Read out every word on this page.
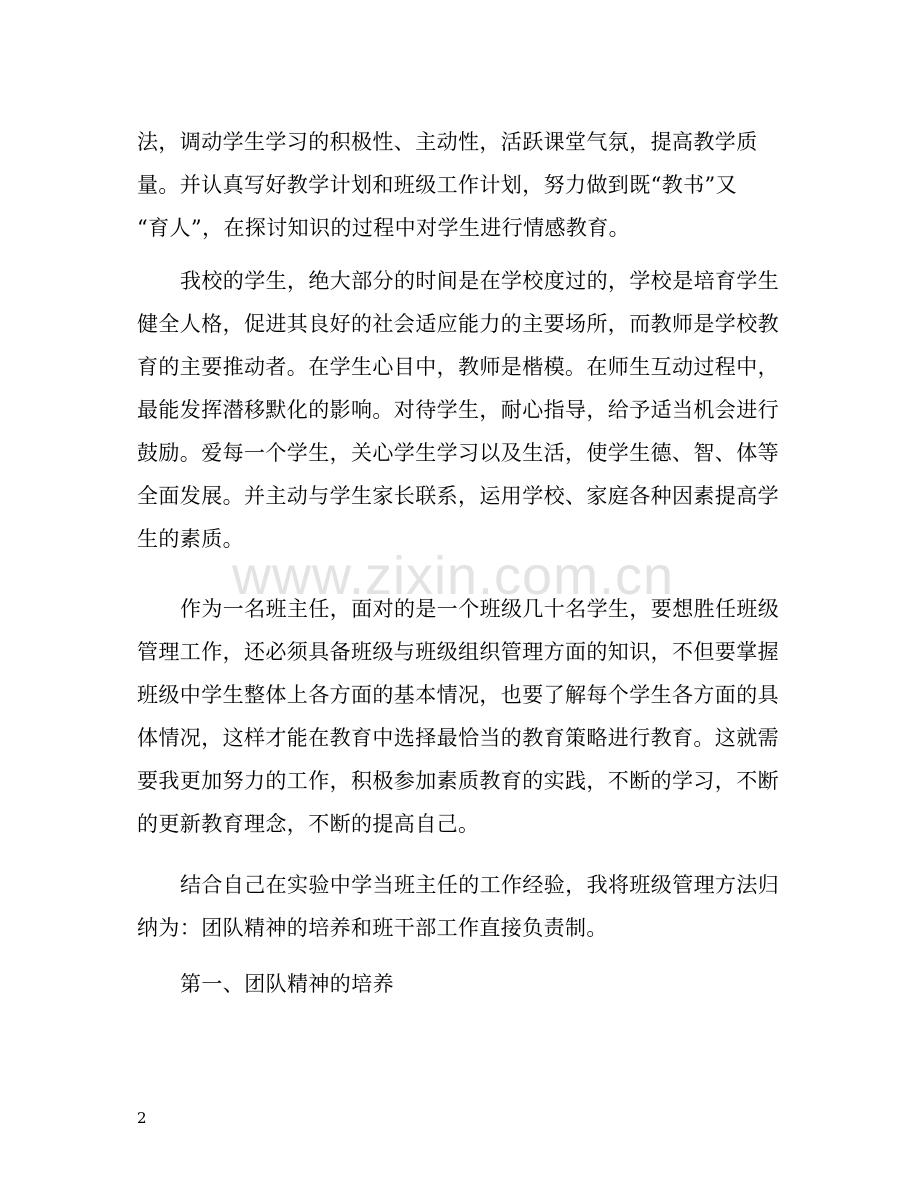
法，调动学生学习的积极性、主动性，活跃课堂气氛，提高教学质
量。并认真写好教学计划和班级工作计划，努力做到既“教书”又
“育人”，在探讨知识的过程中对学生进行情感教育。
我校的学生，绝大部分的时间是在学校度过的，学校是培育学生
健全人格，促进其良好的社会适应能力的主要场所，而教师是学校教
育的主要推动者。在学生心目中，教师是楷模。在师生互动过程中，
最能发挥潜移默化的影响。对待学生，耐心指导，给予适当机会进行
鼓励。爱每一个学生，关心学生学习以及生活，使学生德、智、体等
全面发展。并主动与学生家长联系，运用学校、家庭各种因素提高学
生的素质。
www.zixin.com.cn
作为一名班主任，面对的是一个班级几十名学生，要想胜任班级
管理工作，还必须具备班级与班级组织管理方面的知识，不但要掌握
班级中学生整体上各方面的基本情况，也要了解每个学生各方面的具
体情况，这样才能在教育中选择最恰当的教育策略进行教育。这就需
要我更加努力的工作，积极参加素质教育的实践，不断的学习，不断
的更新教育理念，不断的提高自己。
结合自己在实验中学当班主任的工作经验，我将班级管理方法归
纳为：团队精神的培养和班干部工作直接负责制。
第一、团队精神的培养
2
